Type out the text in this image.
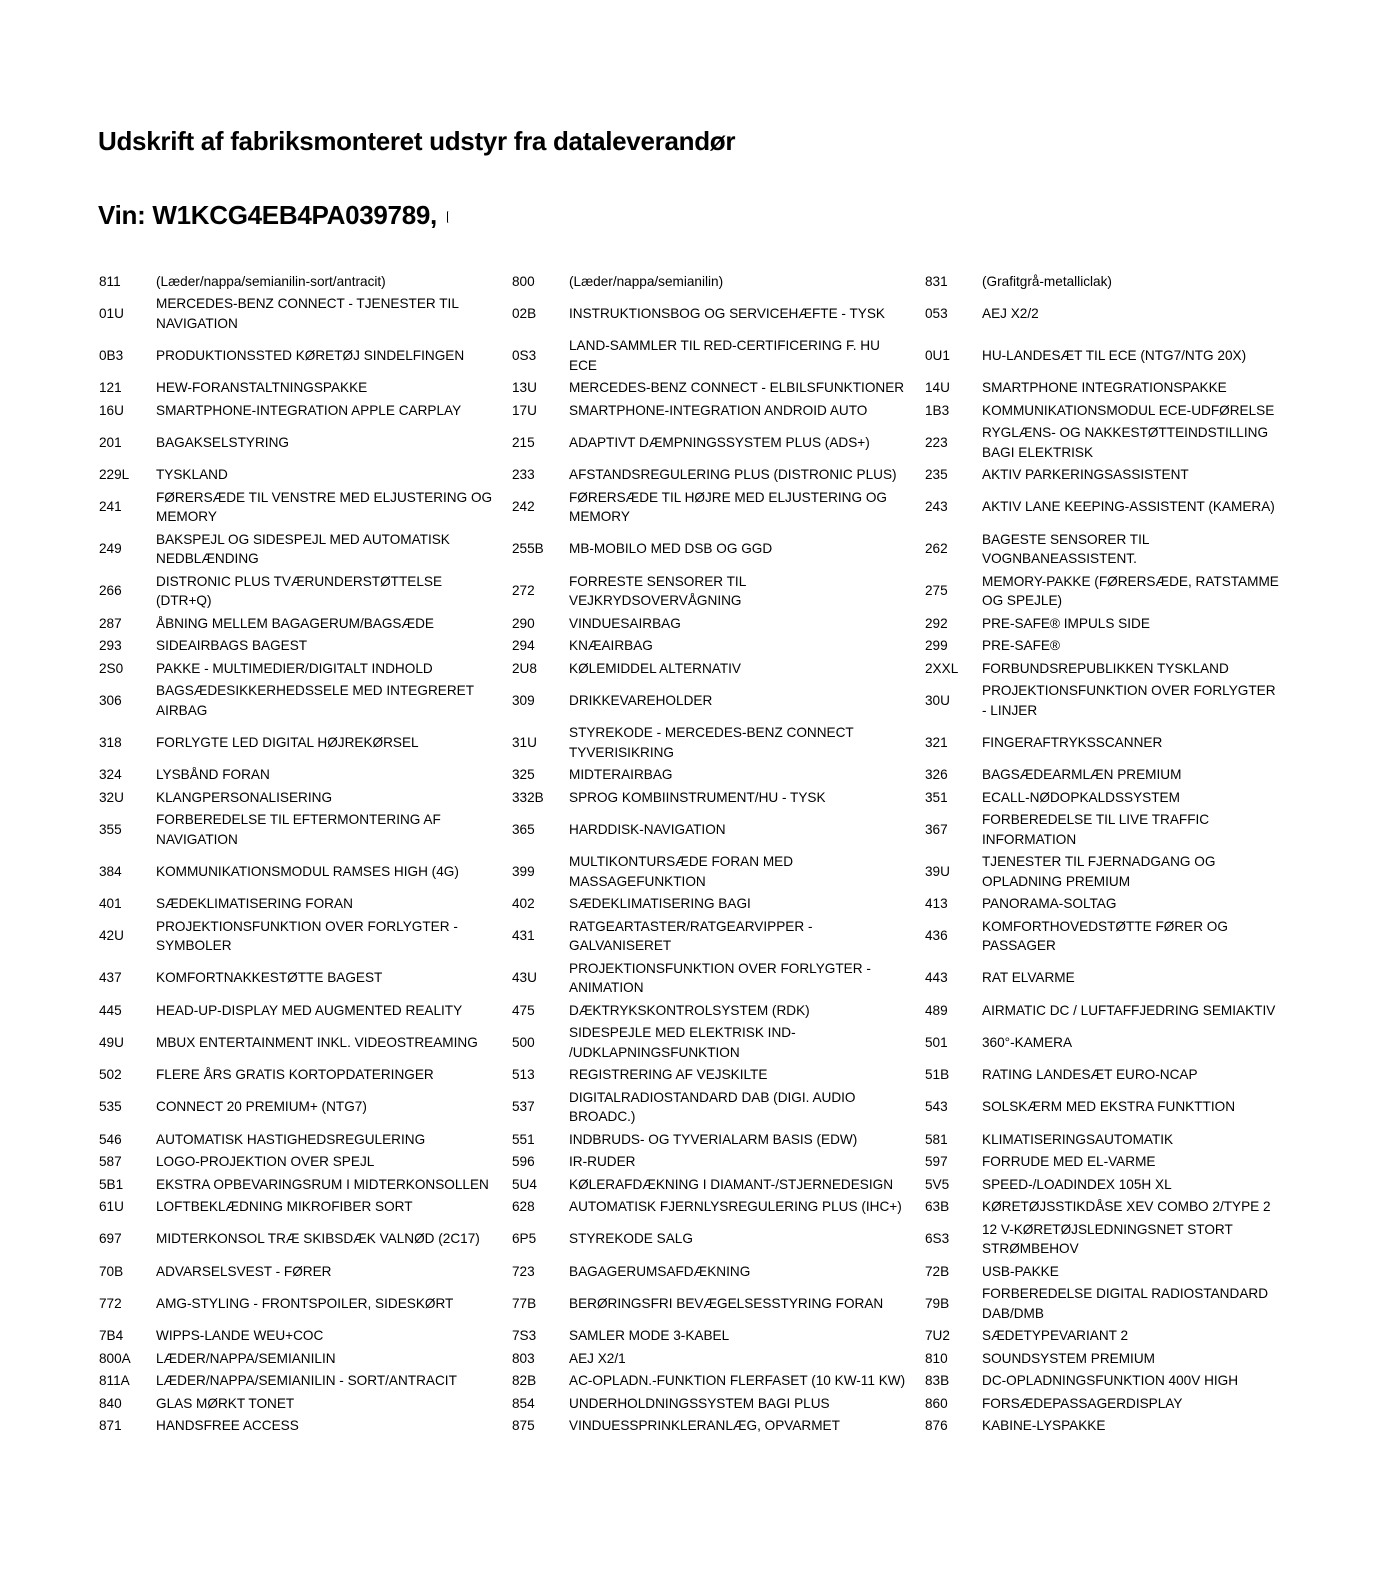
Udskrift af fabriksmonteret udstyr fra dataleverandør
Vin: W1KCG4EB4PA039789,
811	(Læder/nappa/semianilin-sort/antracit)	800	(Læder/nappa/semianilin)	831	(Grafitgrå-metalliclak)
01U	MERCEDES-BENZ CONNECT - TJENESTER TIL NAVIGATION	02B	INSTRUKTIONSBOG OG SERVICEHÆFTE - TYSK	053	AEJ X2/2
0B3	PRODUKTIONSSTED KØRETØJ SINDELFINGEN	0S3	LAND-SAMMLER TIL RED-CERTIFICERING F. HU ECE	0U1	HU-LANDESÆT TIL ECE (NTG7/NTG 20X)
121	HEW-FORANSTALTNINGSPAKKE	13U	MERCEDES-BENZ CONNECT - ELBILSFUNKTIONER	14U	SMARTPHONE INTEGRATIONSPAKKE
16U	SMARTPHONE-INTEGRATION APPLE CARPLAY	17U	SMARTPHONE-INTEGRATION ANDROID AUTO	1B3	KOMMUNIKATIONSMODUL ECE-UDFØRELSE
201	BAGAKSELSTYRING	215	ADAPTIVT DÆMPNINGSSYSTEM PLUS (ADS+)	223	RYGLÆNS- OG NAKKESTØTTEINDSTILLING BAGI ELEKTRISK
229L	TYSKLAND	233	AFSTANDSREGULERING PLUS (DISTRONIC PLUS)	235	AKTIV PARKERINGSASSISTENT
241	FØRERSÆDE TIL VENSTRE MED ELJUSTERING OG MEMORY	242	FØRERSÆDE TIL HØJRE MED ELJUSTERING OG MEMORY	243	AKTIV LANE KEEPING-ASSISTENT (KAMERA)
249	BAKSPEJL OG SIDESPEJL MED AUTOMATISK NEDBLÆNDING	255B	MB-MOBILO MED DSB OG GGD	262	BAGESTE SENSORER TIL VOGNBANEASSISTENT.
266	DISTRONIC PLUS TVÆRUNDERSTØTTELSE (DTR+Q)	272	FORRESTE SENSORER TIL VEJKRYDSOVERVÅGNING	275	MEMORY-PAKKE (FØRERSÆDE, RATSTAMME OG SPEJLE)
287	ÅBNING MELLEM BAGAGERUM/BAGSÆDE	290	VINDUESAIRBAG	292	PRE-SAFE® IMPULS SIDE
293	SIDEAIRBAGS BAGEST	294	KNÆAIRBAG	299	PRE-SAFE®
2S0	PAKKE - MULTIMEDIER/DIGITALT INDHOLD	2U8	KØLEMIDDEL ALTERNATIV	2XXL	FORBUNDSREPUBLIKKEN TYSKLAND
306	BAGSÆDESIKKERHEDSSELE MED INTEGRERET AIRBAG	309	DRIKKEVAREHOLDER	30U	PROJEKTIONSFUNKTION OVER FORLYGTER - LINJER
318	FORLYGTE LED DIGITAL HØJREKØRSEL	31U	STYREKODE - MERCEDES-BENZ CONNECT TYVERISIKRING	321	FINGERAFTRYKSSCANNER
324	LYSBÅND FORAN	325	MIDTERAIRBAG	326	BAGSÆDEARMLÆN PREMIUM
32U	KLANGPERSONALISERING	332B	SPROG KOMBIINSTRUMENT/HU - TYSK	351	ECALL-NØDOPKALDSSYSTEM
355	FORBEREDELSE TIL EFTERMONTERING AF NAVIGATION	365	HARDDISK-NAVIGATION	367	FORBEREDELSE TIL LIVE TRAFFIC INFORMATION
384	KOMMUNIKATIONSMODUL RAMSES HIGH (4G)	399	MULTIKONTURSÆDE FORAN MED MASSAGEFUNKTION	39U	TJENESTER TIL FJERNADGANG OG OPLADNING PREMIUM
401	SÆDEKLIMATISERING FORAN	402	SÆDEKLIMATISERING BAGI	413	PANORAMA-SOLTAG
42U	PROJEKTIONSFUNKTION OVER FORLYGTER - SYMBOLER	431	RATGEARTASTER/RATGEARVIPPER - GALVANISERET	436	KOMFORTHOVEDSTØTTE FØRER OG PASSAGER
437	KOMFORTNAKKESTØTTE BAGEST	43U	PROJEKTIONSFUNKTION OVER FORLYGTER - ANIMATION	443	RAT ELVARME
445	HEAD-UP-DISPLAY MED AUGMENTED REALITY	475	DÆKTRYKSKONTROLSYSTEM (RDK)	489	AIRMATIC DC / LUFTAFFJEDRING SEMIAKTIV
49U	MBUX ENTERTAINMENT INKL. VIDEOSTREAMING	500	SIDESPEJLE MED ELEKTRISK IND- /UDKLAPNINGSFUNKTION	501	360°-KAMERA
502	FLERE ÅRS GRATIS KORTOPDATERINGER	513	REGISTRERING AF VEJSKILTE	51B	RATING LANDESÆT EURO-NCAP
535	CONNECT 20 PREMIUM+ (NTG7)	537	DIGITALRADIOSTANDARD DAB (DIGI. AUDIO BROADC.)	543	SOLSKÆRM MED EKSTRA FUNKTTION
546	AUTOMATISK HASTIGHEDSREGULERING	551	INDBRUDS- OG TYVERIALARM BASIS (EDW)	581	KLIMATISERINGSAUTOMATIK
587	LOGO-PROJEKTION OVER SPEJL	596	IR-RUDER	597	FORRUDE MED EL-VARME
5B1	EKSTRA OPBEVARINGSRUM I MIDTERKONSOLLEN	5U4	KØLERAFDÆKNING I DIAMANT-/STJERNEDESIGN	5V5	SPEED-/LOADINDEX 105H XL
61U	LOFTBEKLÆDNING MIKROFIBER SORT	628	AUTOMATISK FJERNLYSREGULERING PLUS (IHC+)	63B	KØRETØJSSTIKDÅSE XEV COMBO 2/TYPE 2
697	MIDTERKONSOL TRÆ SKIBSDÆK VALNØD (2C17)	6P5	STYREKODE SALG	6S3	12 V-KØRETØJSLEDNINGSNET STORT STRØMBEHOV
70B	ADVARSELSVEST - FØRER	723	BAGAGERUMSAFDÆKNING	72B	USB-PAKKE
772	AMG-STYLING - FRONTSPOILER, SIDESKØRT	77B	BERØRINGSFRI BEVÆGELSESSTYRING FORAN	79B	FORBEREDELSE DIGITAL RADIOSTANDARD DAB/DMB
7B4	WIPPS-LANDE WEU+COC	7S3	SAMLER MODE 3-KABEL	7U2	SÆDETYPEVARIANT 2
800A	LÆDER/NAPPA/SEMIANILIN	803	AEJ X2/1	810	SOUNDSYSTEM PREMIUM
811A	LÆDER/NAPPA/SEMIANILIN - SORT/ANTRACIT	82B	AC-OPLADN.-FUNKTION FLERFASET (10 KW-11 KW)	83B	DC-OPLADNINGSFUNKTION 400V HIGH
840	GLAS MØRKT TONET	854	UNDERHOLDNINGSSYSTEM BAGI PLUS	860	FORSÆDEPASSAGERDISPLAY
871	HANDSFREE ACCESS	875	VINDUESSPRINKLERANLÆG, OPVARMET	876	KABINE-LYSPAKKE
